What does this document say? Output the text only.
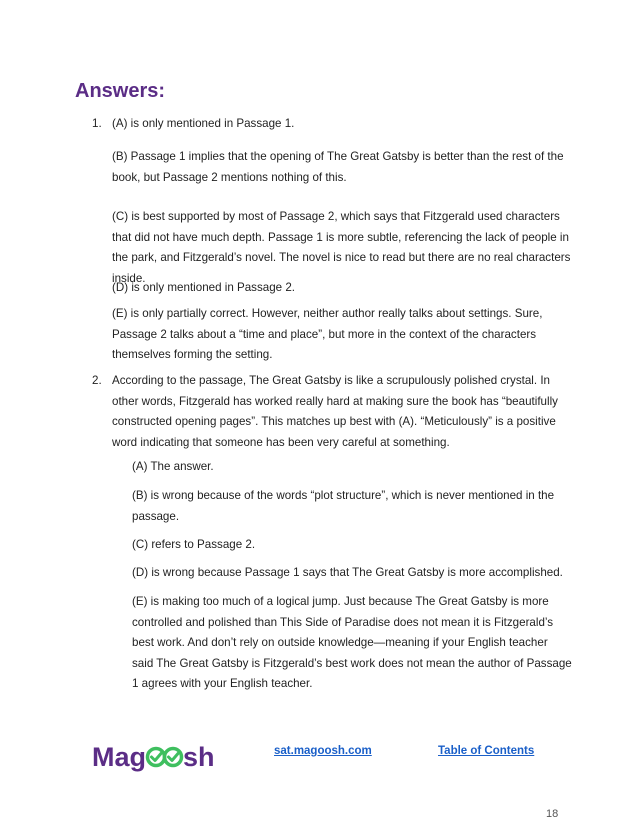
Answers:
1. (A) is only mentioned in Passage 1.

(B) Passage 1 implies that the opening of The Great Gatsby is better than the rest of the book, but Passage 2 mentions nothing of this.

(C) is best supported by most of Passage 2, which says that Fitzgerald used characters that did not have much depth. Passage 1 is more subtle, referencing the lack of people in the park, and Fitzgerald’s novel. The novel is nice to read but there are no real characters inside.

(D) is only mentioned in Passage 2.

(E) is only partially correct. However, neither author really talks about settings. Sure, Passage 2 talks about a “time and place”, but more in the context of the characters themselves forming the setting.

2. According to the passage, The Great Gatsby is like a scrupulously polished crystal. In other words, Fitzgerald has worked really hard at making sure the book has “beautifully constructed opening pages”. This matches up best with (A). “Meticulously” is a positive word indicating that someone has been very careful at something.

(A) The answer.

(B) is wrong because of the words “plot structure”, which is never mentioned in the passage.

(C) refers to Passage 2.

(D) is wrong because Passage 1 says that The Great Gatsby is more accomplished.

(E) is making too much of a logical jump. Just because The Great Gatsby is more controlled and polished than This Side of Paradise does not mean it is Fitzgerald’s best work. And don’t rely on outside knowledge—meaning if your English teacher said The Great Gatsby is Fitzgerald’s best work does not mean the author of Passage 1 agrees with your English teacher.

Mag sh	sat.magoosh.com	Table of Contents
18
